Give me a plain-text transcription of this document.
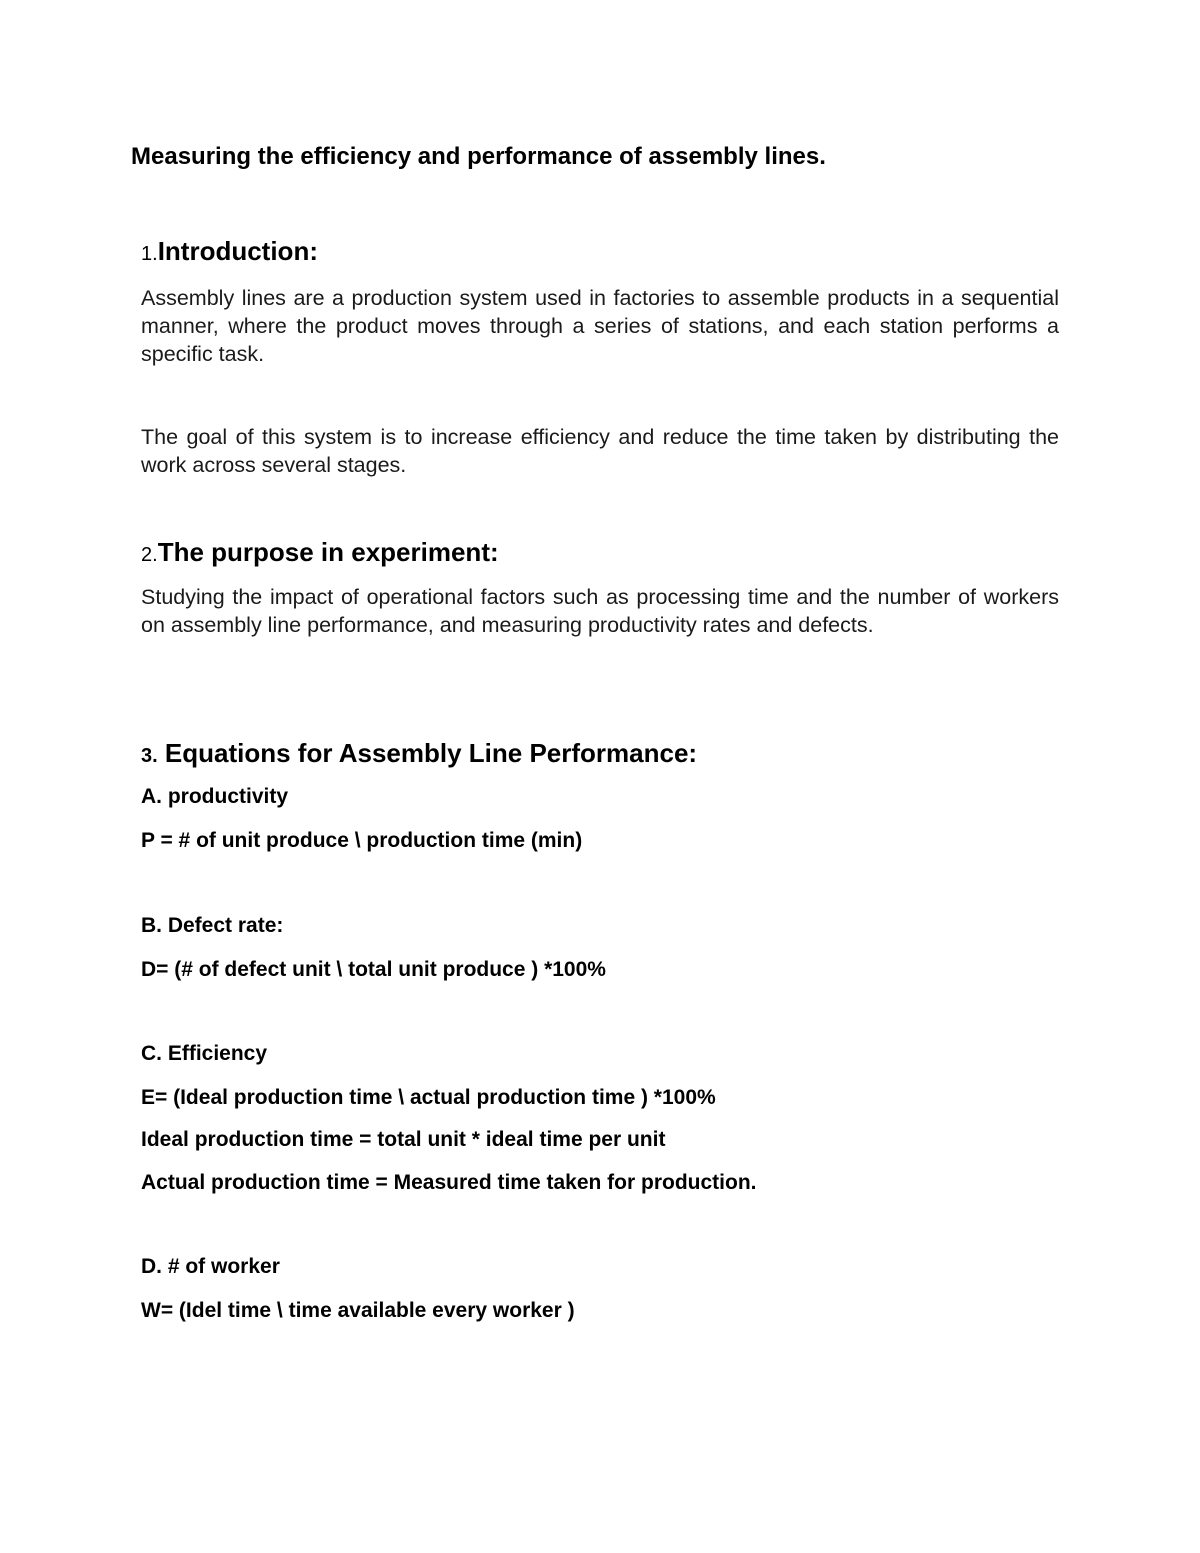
Measuring the efficiency and performance of assembly lines.
1.Introduction:

Assembly lines are a production system used in factories to assemble products in a sequential manner, where the product moves through a series of stations, and each station performs a specific task.

The goal of this system is to increase efficiency and reduce the time taken by distributing the work across several stages.

2.The purpose in experiment:

Studying the impact of operational factors such as processing time and the number of workers on assembly line performance, and measuring productivity rates and defects.

3. Equations for Assembly Line Performance:

A. productivity

P = # of unit produce \ production time (min)

B. Defect rate:

D= (# of defect unit \ total unit produce ) *100%

C. Efficiency

E= (Ideal production time \ actual production time ) *100%

Ideal production time = total unit * ideal time per unit

Actual production time = Measured time taken for production.

D. # of worker

W= (Idel time \ time available every worker )
